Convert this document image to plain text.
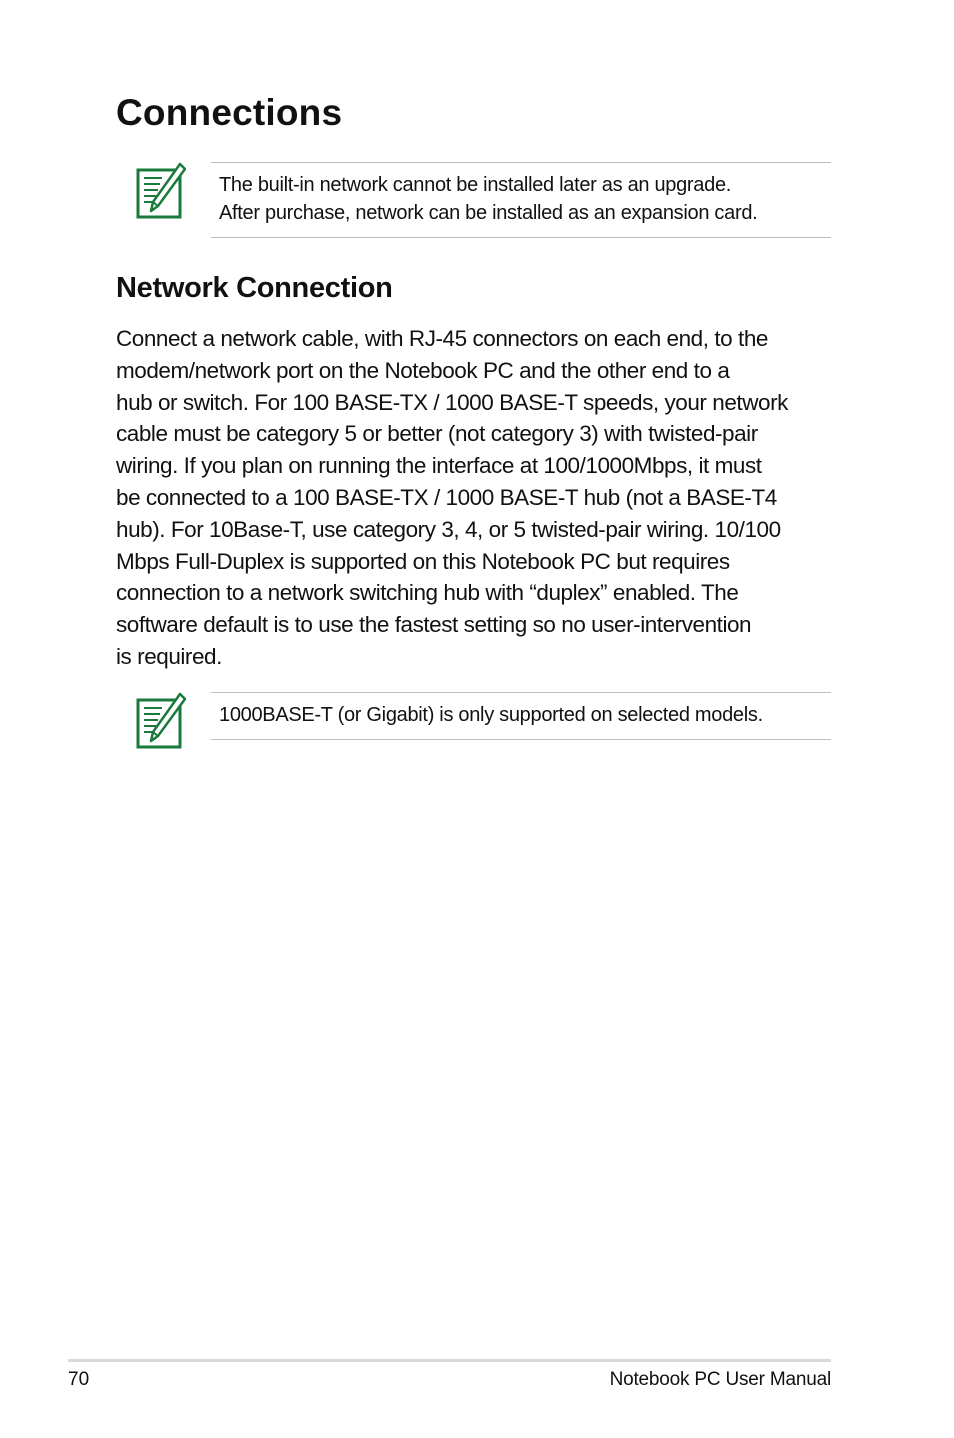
Connections
The built-in network cannot be installed later as an upgrade.
After purchase, network can be installed as an expansion card.
Network Connection

Connect a network cable, with RJ-45 connectors on each end, to the
modem/network port on the Notebook PC and the other end to a
hub or switch. For 100 BASE-TX / 1000 BASE-T speeds, your network
cable must be category 5 or better (not category 3) with twisted-pair
wiring. If you plan on running the interface at 100/1000Mbps, it must
be connected to a 100 BASE-TX / 1000 BASE-T hub (not a BASE-T4
hub). For 10Base-T, use category 3, 4, or 5 twisted-pair wiring. 10/100
Mbps Full-Duplex is supported on this Notebook PC but requires
connection to a network switching hub with “duplex” enabled. The
software default is to use the fastest setting so no user-intervention
is required.

1000BASE-T (or Gigabit) is only supported on selected models.
70	Notebook PC User Manual
